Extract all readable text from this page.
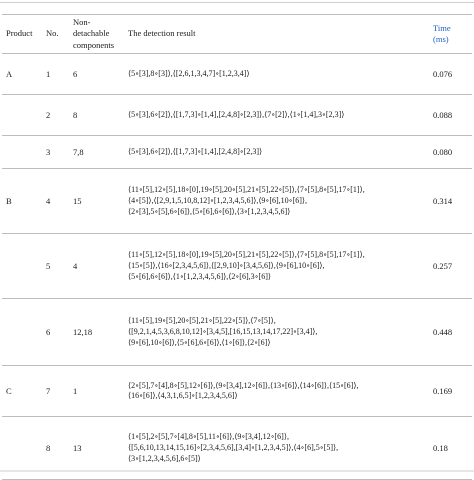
Product	No.	Non-
detachable
components	The detection result	Time
(ms)
A	1	6	⟨5∘[3],8∘[3]⟩,⟨[2,6,1,3,4,7]∘[1,2,3,4]⟩	0.076
	2	8	⟨5∘[3],6∘[2]⟩,⟨[1,7,3]∘[1,4],[2,4,8]∘[2,3]⟩,⟨7∘[2]⟩,⟨1∘[1,4],3∘[2,3]⟩	0.088
	3	7,8	⟨5∘[3],6∘[2]⟩,⟨[1,7,3]∘[1,4],[2,4,8]∘[2,3]⟩	0.080
B	4	15	⟨11∘[5],12∘[5],18∘[0],19∘[5],20∘[5],21∘[5],22∘[5]⟩,⟨7∘[5],8∘[5],17∘[1]⟩,
⟨4∘[5]⟩,⟨[2,9,1,5,10,8,12]∘[1,2,3,4,5,6]⟩,⟨9∘[6],10∘[6]⟩,
⟨2∘[3],5∘[5],6∘[6]⟩,⟨5∘[6],6∘[6]⟩,⟨3∘[1,2,3,4,5,6]⟩	0.314
	5	4	⟨11∘[5],12∘[5],18∘[0],19∘[5],20∘[5],21∘[5],22∘[5]⟩,⟨7∘[5],8∘[5],17∘[1]⟩,
⟨15∘[5]⟩,⟨16∘[2,3,4,5,6]⟩,⟨[2,9,10]∘[3,4,5,6]⟩,⟨9∘[6],10∘[6]⟩,
⟨5∘[6],6∘[6]⟩,⟨1∘[1,2,3,4,5,6]⟩,⟨2∘[6],3∘[6]⟩	0.257
	6	12,18	⟨11∘[5],19∘[5],20∘[5],21∘[5],22∘[5]⟩,⟨7∘[5]⟩,
⟨[9,2,1,4,5,3,6,8,10,12]∘[3,4,5],[16,15,13,14,17,22]∘[3,4]⟩,
⟨9∘[6],10∘[6]⟩,⟨5∘[6],6∘[6]⟩,⟨1∘[6]⟩,⟨2∘[6]⟩	0.448
C	7	1	⟨2∘[5],7∘[4],8∘[5],12∘[6]⟩,⟨9∘[3,4],12∘[6]⟩,⟨13∘[6]⟩,⟨14∘[6]⟩,⟨15∘[6]⟩,
⟨16∘[6]⟩,⟨4,3,1,6,5]∘[1,2,3,4,5,6]⟩	0.169
	8	13	⟨1∘[5],2∘[5],7∘[4],8∘[5],11∘[6]⟩,⟨9∘[3,4],12∘[6]⟩,
⟨[5,6,10,13,14,15,16]∘[2,3,4,5,6],[3,4]∘[1,2,3,4,5]⟩,⟨4∘[6],5∘[5]⟩,
⟨3∘[1,2,3,4,5,6],6∘[5]⟩	0.18
